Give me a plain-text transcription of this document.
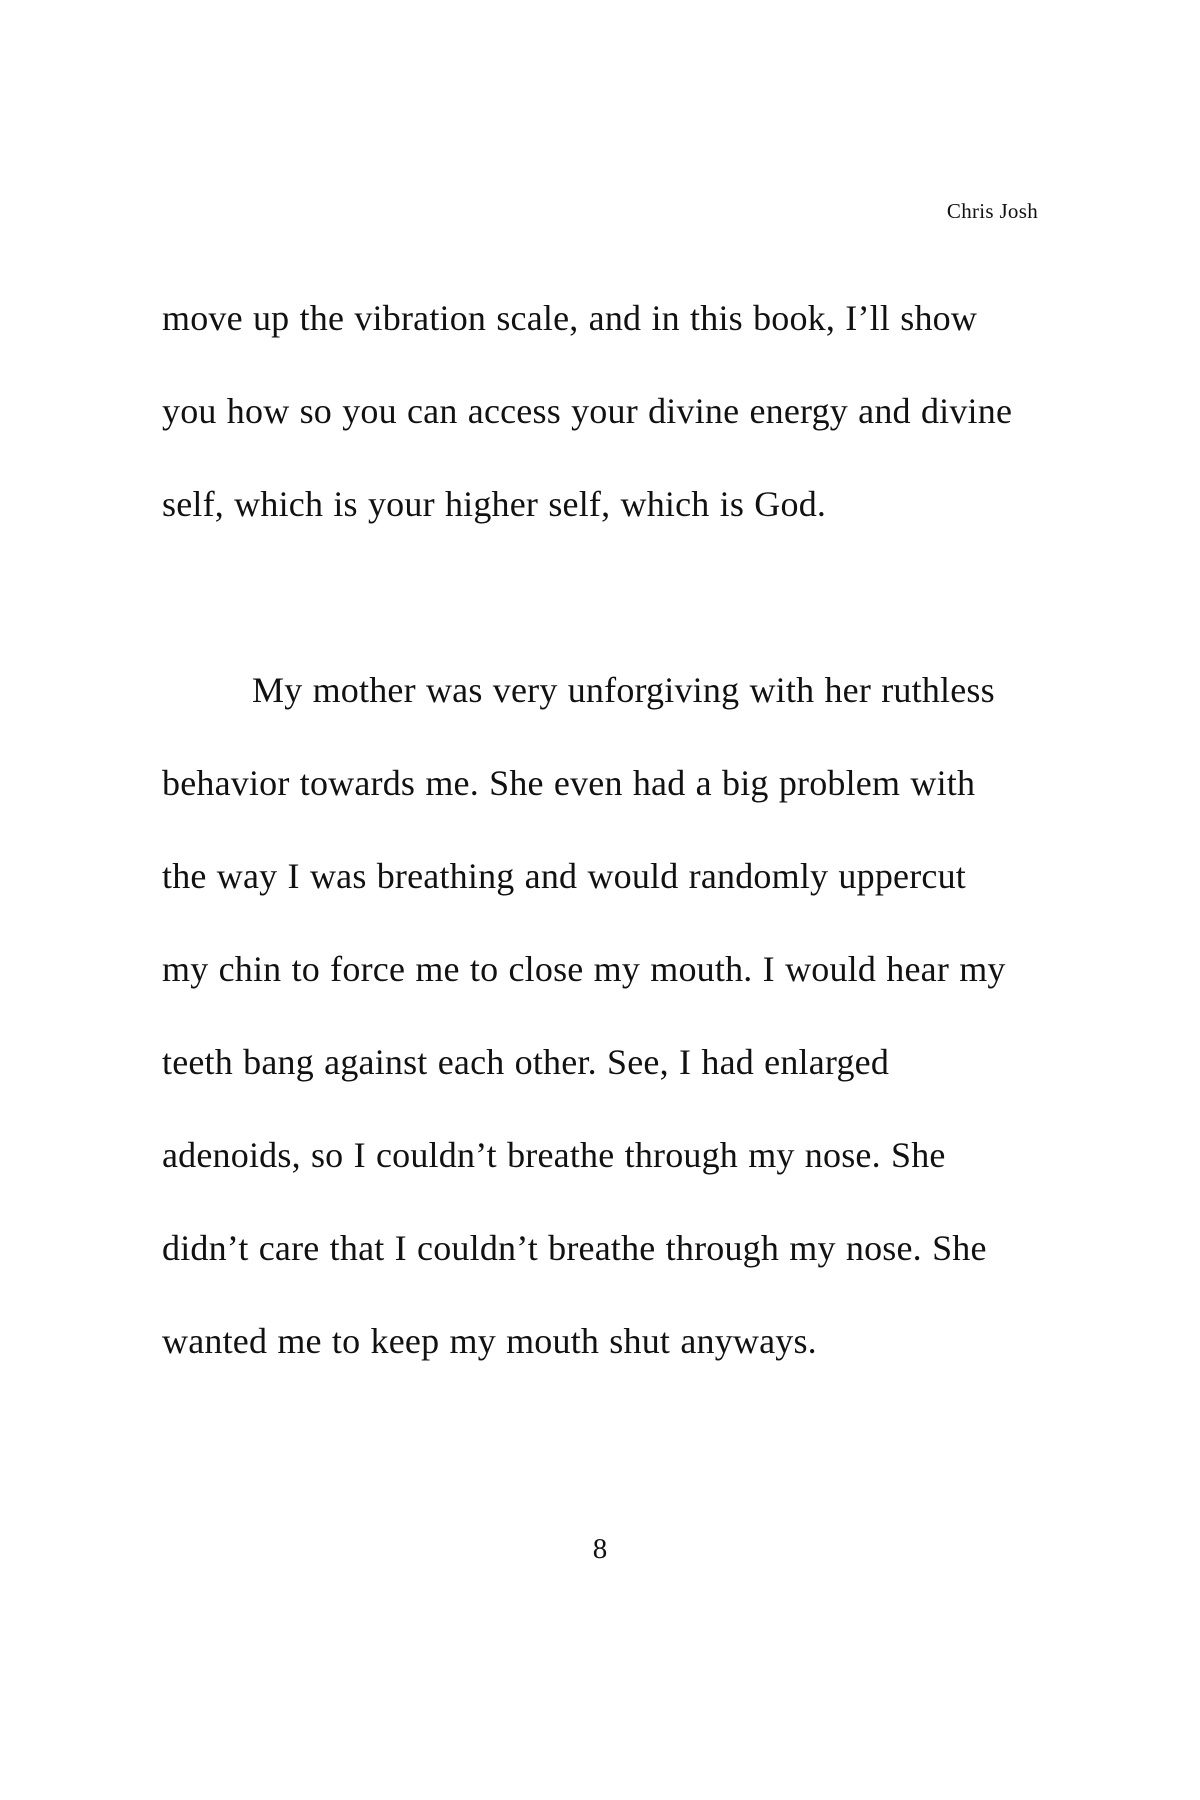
Chris Josh
move up the vibration scale, and in this book, I’ll show
you how so you can access your divine energy and divine
self, which is your higher self, which is God.
My mother was very unforgiving with her ruthless
behavior towards me. She even had a big problem with
the way I was breathing and would randomly uppercut
my chin to force me to close my mouth. I would hear my
teeth bang against each other. See, I had enlarged
adenoids, so I couldn’t breathe through my nose. She
didn’t care that I couldn’t breathe through my nose. She
wanted me to keep my mouth shut anyways.
8
